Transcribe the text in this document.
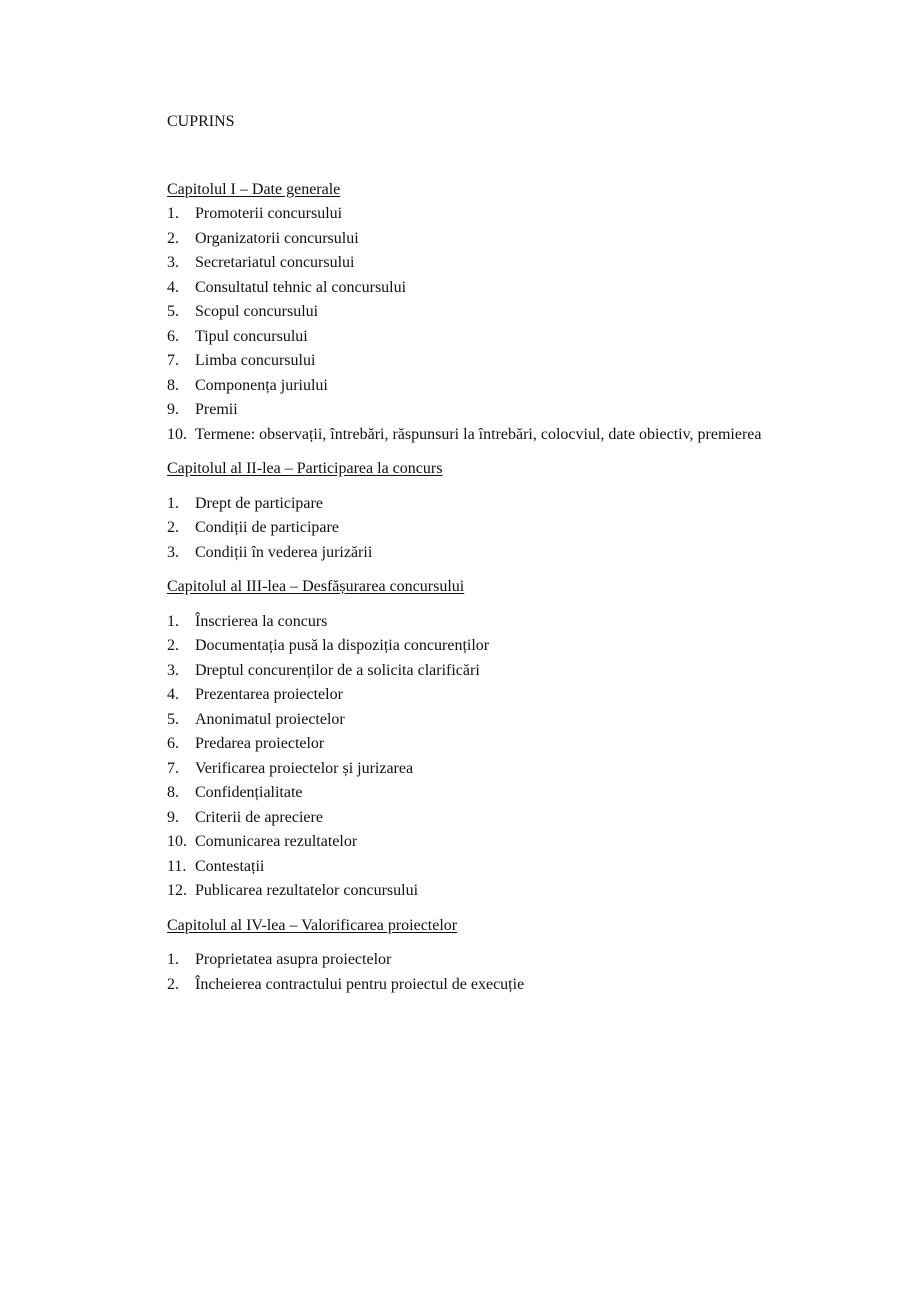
CUPRINS
Capitolul I – Date generale
1.	Promoterii concursului
2.	Organizatorii concursului
3.	Secretariatul concursului
4.	Consultatul tehnic al concursului
5.	Scopul concursului
6.	Tipul concursului
7.	Limba concursului
8.	Componența juriului
9.	Premii
10. Termene: observații, întrebări, răspunsuri la întrebări, colocviul, date obiectiv, premierea
Capitolul al II-lea – Participarea la concurs
1.	Drept de participare
2.	Condiții de participare
3.	Condiții în vederea jurizării
Capitolul al III-lea – Desfășurarea concursului
1.	Înscrierea la concurs
2.	Documentația pusă la dispoziția concurenților
3.	Dreptul concurenților de a solicita clarificări
4.	Prezentarea proiectelor
5.	Anonimatul proiectelor
6.	Predarea proiectelor
7.	Verificarea proiectelor și jurizarea
8.	Confidențialitate
9.	Criterii de apreciere
10. Comunicarea rezultatelor
11. Contestații
12. Publicarea rezultatelor concursului
Capitolul al IV-lea – Valorificarea proiectelor
1.	Proprietatea asupra proiectelor
2.	Încheierea contractului pentru proiectul de execuție
